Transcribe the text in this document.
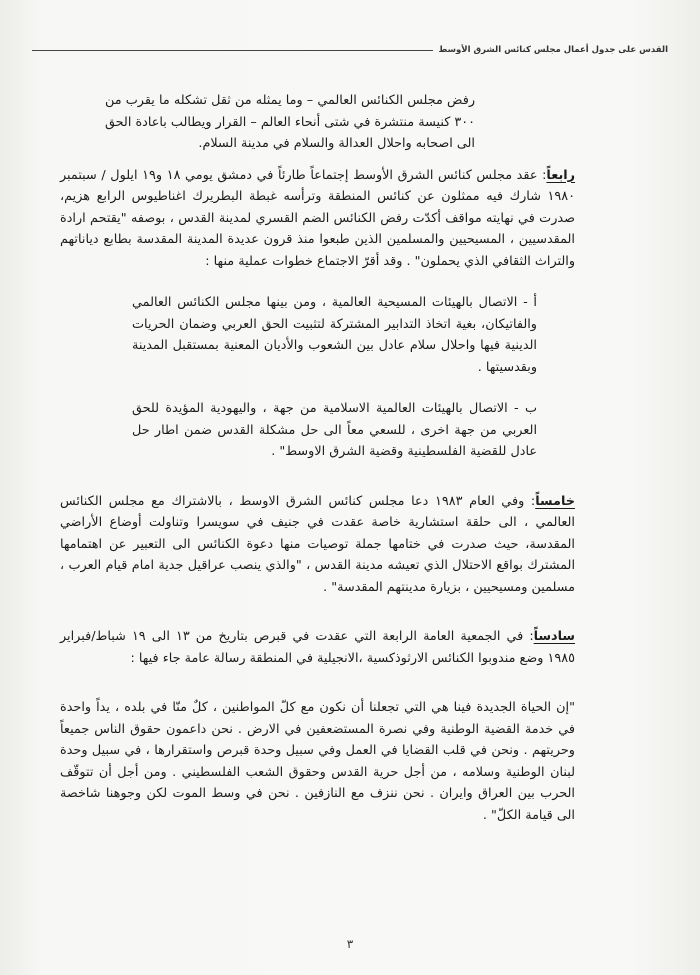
القدس على جدول أعمال مجلس كنائس الشرق الأوسط

رفض مجلس الكنائس العالمي – وما يمثله من ثقل تشكله ما يقرب من ٣٠٠ كنيسة منتشرة في شتى أنحاء العالم – القرار ويطالب باعادة الحق الى اصحابه واحلال العدالة والسلام في مدينة السلام.

رابعاً: عقد مجلس كنائس الشرق الأوسط إجتماعاً طارئاً في دمشق يومي ١٨ و١٩ ايلول / سبتمبر ١٩٨٠ شارك فيه ممثلون عن كنائس المنطقة وترأسه غبطة البطريرك اغناطيوس الرابع هزيم، صدرت في نهايته مواقف أكدّت رفض الكنائس الضم القسري لمدينة القدس ، بوصفه "يقتحم ارادة المقدسيين ، المسيحيين والمسلمين الذين طبعوا منذ قرون عديدة المدينة المقدسة بطابع دياناتهم والتراث الثقافي الذي يحملون" . وقد أقرّ الاجتماع خطوات عملية منها :

أ - الاتصال بالهيئات المسيحية العالمية ، ومن بينها مجلس الكنائس العالمي والفاتيكان، بغية اتخاذ التدابير المشتركة لتثبيت الحق العربي وضمان الحريات الدينية فيها واحلال سلام عادل بين الشعوب والأديان المعنية بمستقبل المدينة وبقدسيتها .

ب - الاتصال بالهيئات العالمية الاسلامية من جهة ، واليهودية المؤيدة للحق العربي من جهة اخرى ، للسعي معاً الى حل مشكلة القدس ضمن اطار حل عادل للقضية الفلسطينية وقضية الشرق الاوسط" .

خامساً: وفي العام ١٩٨٣ دعا مجلس كنائس الشرق الاوسط ، بالاشتراك مع مجلس الكنائس العالمي ، الى حلقة استشارية خاصة عقدت في جنيف في سويسرا وتناولت أوضاع الأراضي المقدسة، حيث صدرت في ختامها جملة توصيات منها دعوة الكنائس الى التعبير عن اهتمامها المشترك بواقع الاحتلال الذي تعيشه مدينة القدس ، "والذي ينصب عراقيل جدية امام قيام العرب ، مسلمين ومسيحيين ، بزيارة مدينتهم المقدسة" .

سادساً: في الجمعية العامة الرابعة التي عقدت في قبرص بتاريخ من ١٣ الى ١٩ شباط/فبراير ١٩٨٥ وضع مندوبوا الكنائس الارثوذكسية ،الانجيلية في المنطقة رسالة عامة جاء فيها :

"إن الحياة الجديدة فينا هي التي تجعلنا أن نكون مع كلّ المواطنين ، كلٌ منّا في بلده ، يداً واحدة في خدمة القضية الوطنية وفي نصرة المستضعفين في الارض . نحن داعمون حقوق الناس جميعاً وحريتهم . ونحن في قلب القضايا في العمل وفي سبيل وحدة قبرص واستقرارها ، في سبيل وحدة لبنان الوطنية وسلامه ، من أجل حرية القدس وحقوق الشعب الفلسطيني . ومن أجل أن تتوقّف الحرب بين العراق وايران . نحن ننزف مع النازفين . نحن في وسط الموت لكن وجوهنا شاخصة الى قيامة الكلّ" .

٣
